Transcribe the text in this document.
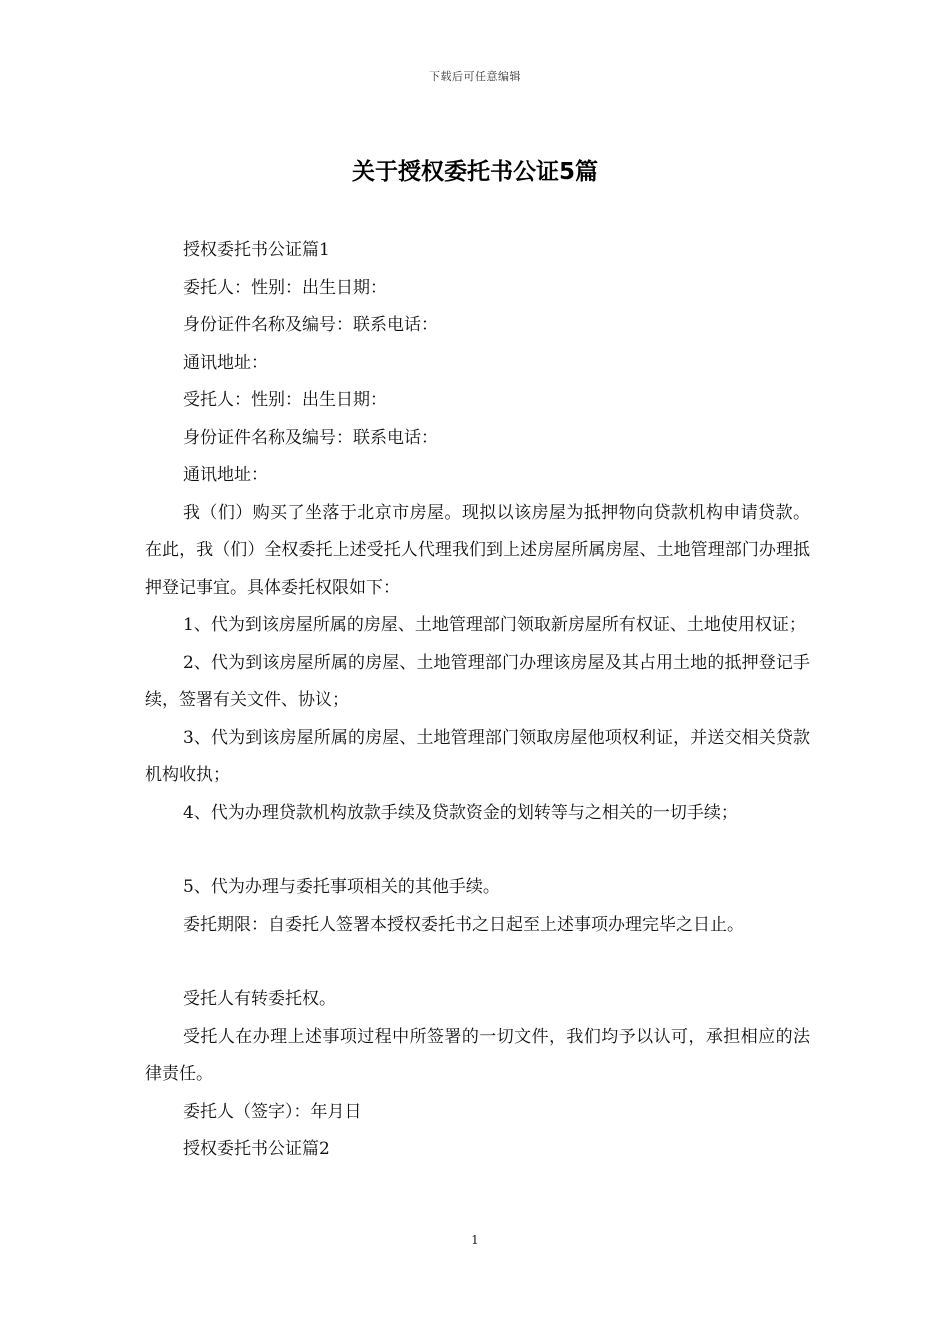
下载后可任意编辑
关于授权委托书公证5篇

授权委托书公证篇1

委托人：性别：出生日期：

身份证件名称及编号：联系电话：

通讯地址：

受托人：性别：出生日期：

身份证件名称及编号：联系电话：

通讯地址：

我（们）购买了坐落于北京市房屋。现拟以该房屋为抵押物向贷款机构申请贷款。在此，我（们）全权委托上述受托人代理我们到上述房屋所属房屋、土地管理部门办理抵押登记事宜。具体委托权限如下：

1、代为到该房屋所属的房屋、土地管理部门领取新房屋所有权证、土地使用权证；

2、代为到该房屋所属的房屋、土地管理部门办理该房屋及其占用土地的抵押登记手续，签署有关文件、协议；

3、代为到该房屋所属的房屋、土地管理部门领取房屋他项权利证，并送交相关贷款机构收执；

4、代为办理贷款机构放款手续及贷款资金的划转等与之相关的一切手续；

5、代为办理与委托事项相关的其他手续。

委托期限：自委托人签署本授权委托书之日起至上述事项办理完毕之日止。

受托人有转委托权。

受托人在办理上述事项过程中所签署的一切文件，我们均予以认可，承担相应的法律责任。

委托人（签字）：年月日

授权委托书公证篇2

1
